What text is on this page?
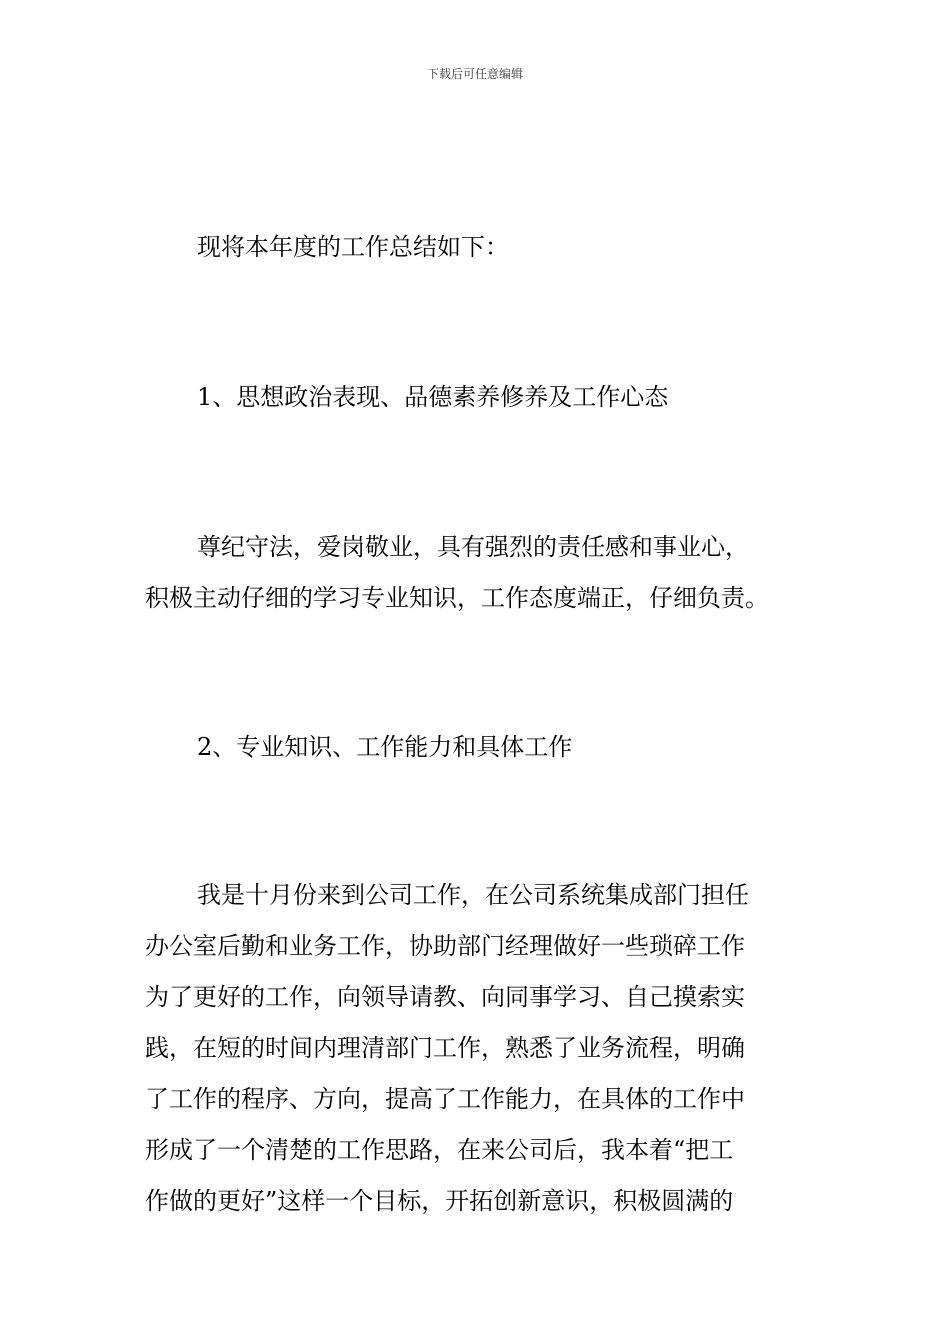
下载后可任意编辑

现将本年度的工作总结如下：

1、思想政治表现、品德素养修养及工作心态

尊纪守法，爱岗敬业，具有强烈的责任感和事业心，
积极主动仔细的学习专业知识，工作态度端正，仔细负责。

2、专业知识、工作能力和具体工作

我是十月份来到公司工作，在公司系统集成部门担任
办公室后勤和业务工作，协助部门经理做好一些琐碎工作
为了更好的工作，向领导请教、向同事学习、自己摸索实
践，在短的时间内理清部门工作，熟悉了业务流程，明确
了工作的程序、方向，提高了工作能力，在具体的工作中
形成了一个清楚的工作思路，在来公司后，我本着“把工
作做的更好”这样一个目标，开拓创新意识，积极圆满的
